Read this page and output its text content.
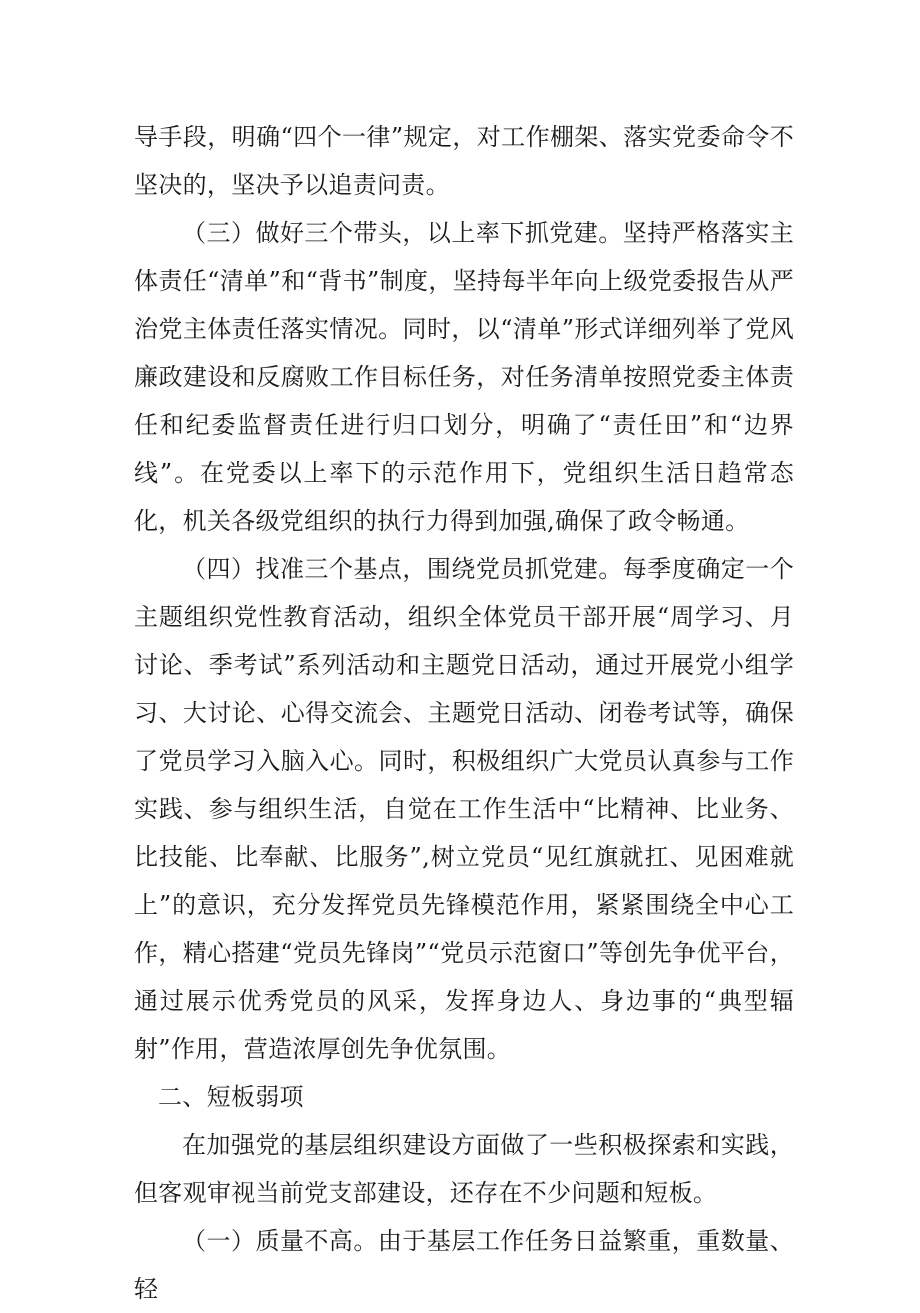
导手段，明确“四个一律”规定，对工作棚架、落实党委命令不坚决的，坚决予以追责问责。

（三）做好三个带头，以上率下抓党建。坚持严格落实主体责任“清单”和“背书”制度，坚持每半年向上级党委报告从严治党主体责任落实情况。同时，以“清单”形式详细列举了党风廉政建设和反腐败工作目标任务，对任务清单按照党委主体责任和纪委监督责任进行归口划分，明确了“责任田”和“边界线”。在党委以上率下的示范作用下，党组织生活日趋常态化，机关各级党组织的执行力得到加强,确保了政令畅通。

（四）找准三个基点，围绕党员抓党建。每季度确定一个主题组织党性教育活动，组织全体党员干部开展“周学习、月讨论、季考试”系列活动和主题党日活动，通过开展党小组学习、大讨论、心得交流会、主题党日活动、闭卷考试等，确保了党员学习入脑入心。同时，积极组织广大党员认真参与工作实践、参与组织生活，自觉在工作生活中“比精神、比业务、比技能、比奉献、比服务”,树立党员“见红旗就扛、见困难就上”的意识，充分发挥党员先锋模范作用，紧紧围绕全中心工作，精心搭建“党员先锋岗”“党员示范窗口”等创先争优平台，通过展示优秀党员的风采，发挥身边人、身边事的“典型辐射”作用，营造浓厚创先争优氛围。

二、短板弱项

在加强党的基层组织建设方面做了一些积极探索和实践，但客观审视当前党支部建设，还存在不少问题和短板。

（一）质量不高。由于基层工作任务日益繁重，重数量、轻
